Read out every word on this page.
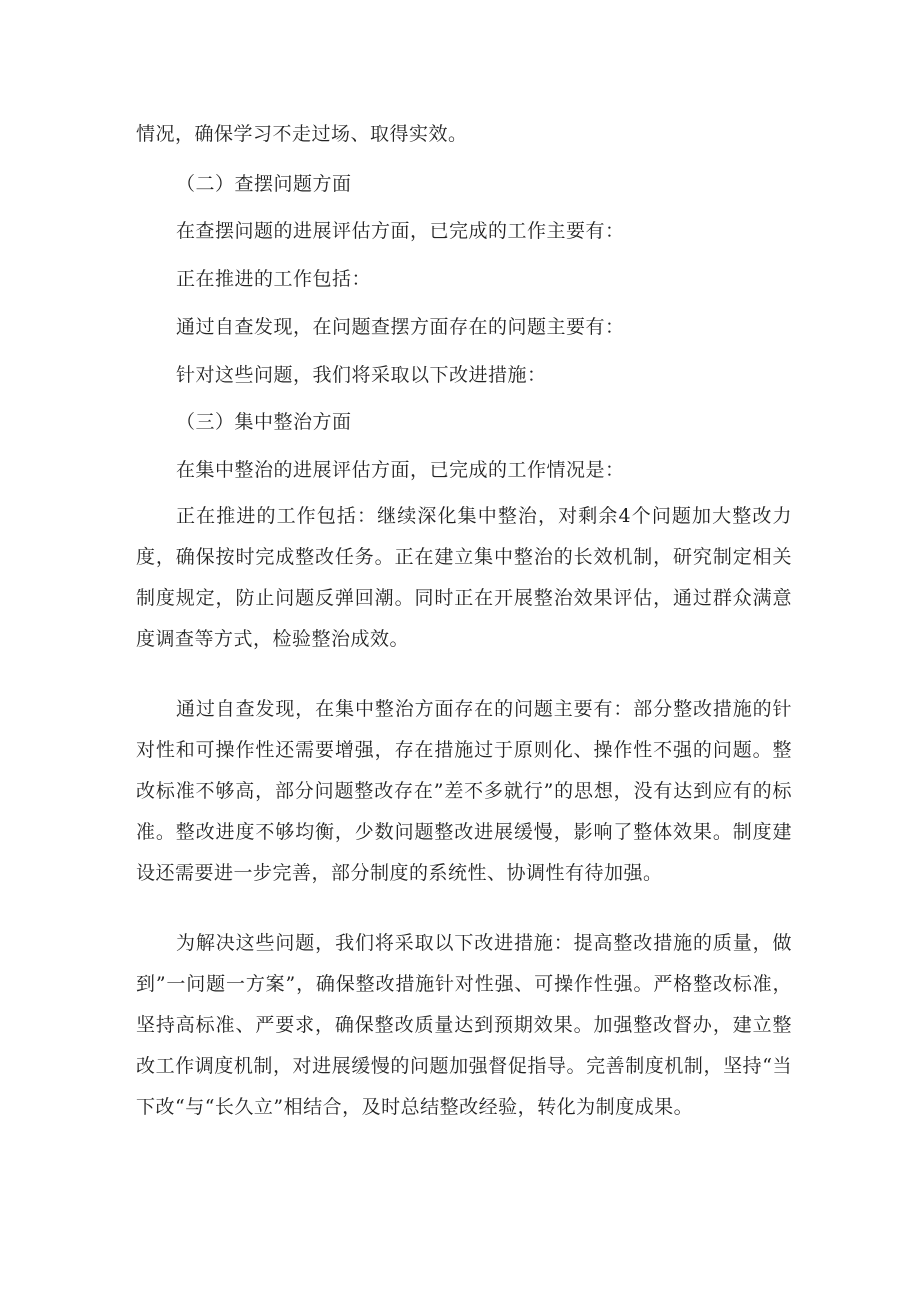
情况，确保学习不走过场、取得实效。
（二）查摆问题方面
在查摆问题的进展评估方面，已完成的工作主要有：
正在推进的工作包括：
通过自查发现，在问题查摆方面存在的问题主要有：
针对这些问题，我们将采取以下改进措施：
（三）集中整治方面
在集中整治的进展评估方面，已完成的工作情况是：

正在推进的工作包括：继续深化集中整治，对剩余4个问题加大整改力度，确保按时完成整改任务。正在建立集中整治的长效机制，研究制定相关制度规定，防止问题反弹回潮。同时正在开展整治效果评估，通过群众满意度调查等方式，检验整治成效。

通过自查发现，在集中整治方面存在的问题主要有：部分整改措施的针对性和可操作性还需要增强，存在措施过于原则化、操作性不强的问题。整改标准不够高，部分问题整改存在”差不多就行”的思想，没有达到应有的标准。整改进度不够均衡，少数问题整改进展缓慢，影响了整体效果。制度建设还需要进一步完善，部分制度的系统性、协调性有待加强。

为解决这些问题，我们将采取以下改进措施：提高整改措施的质量，做到”一问题一方案”，确保整改措施针对性强、可操作性强。严格整改标准，坚持高标准、严要求，确保整改质量达到预期效果。加强整改督办，建立整改工作调度机制，对进展缓慢的问题加强督促指导。完善制度机制，坚持“当下改“与“长久立”相结合，及时总结整改经验，转化为制度成果。
